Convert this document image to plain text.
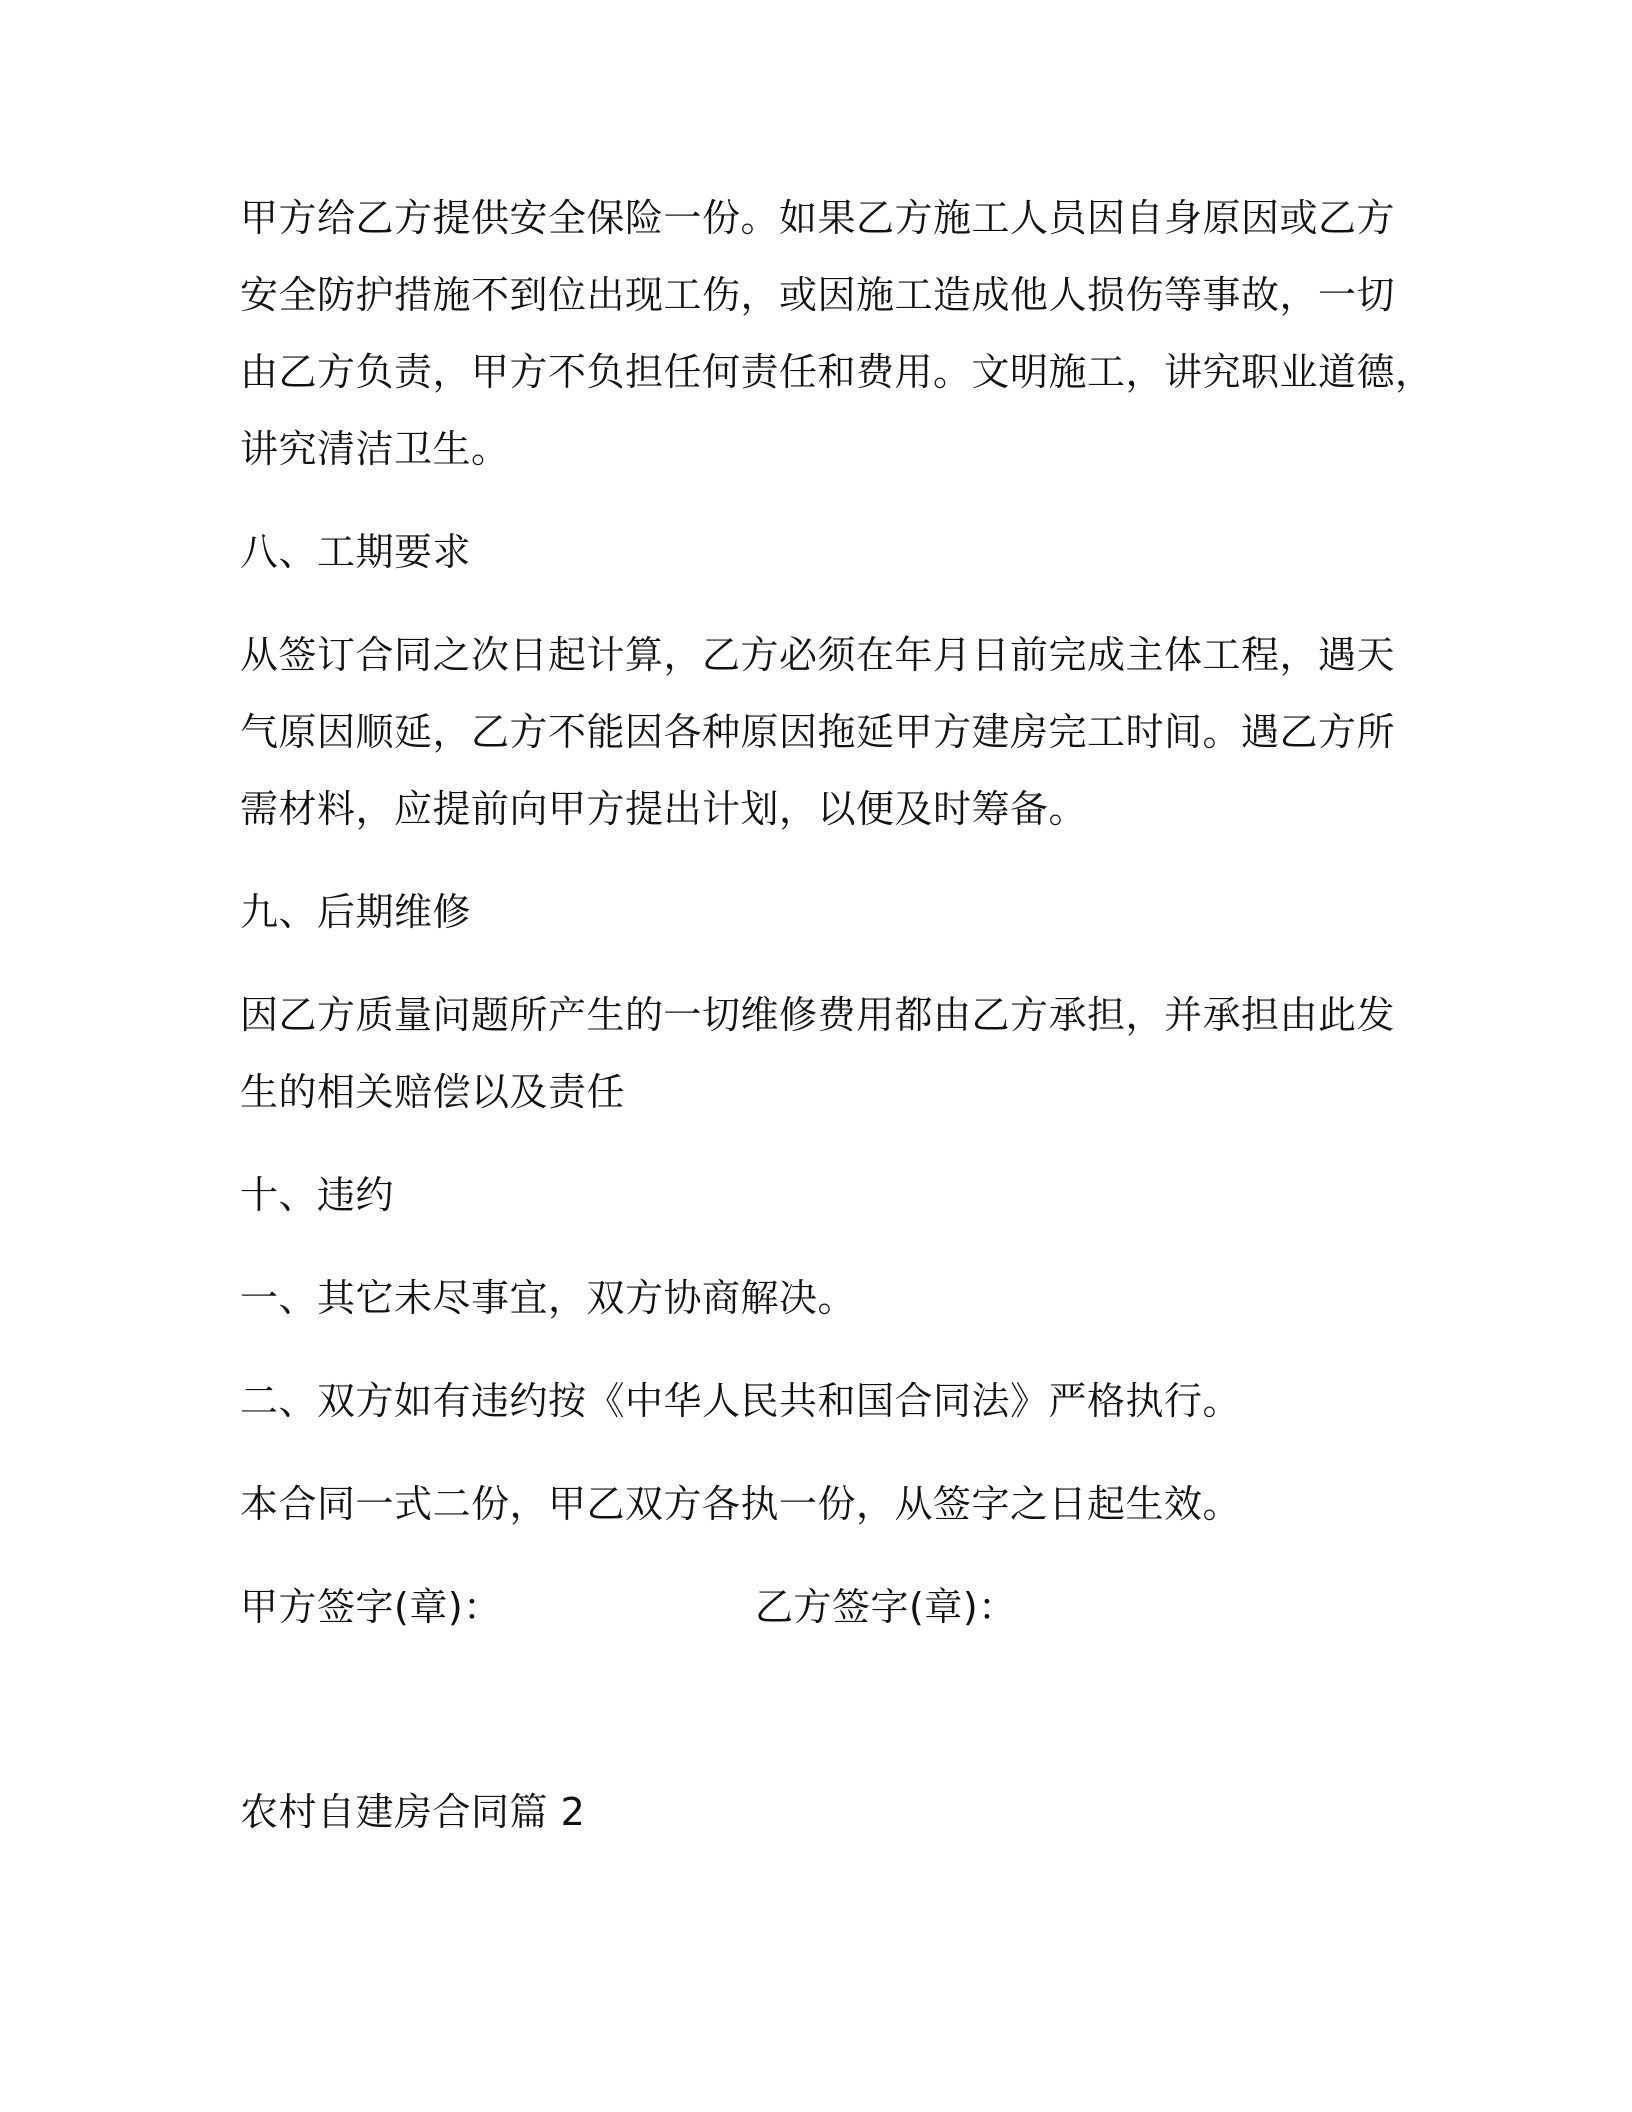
甲方给乙方提供安全保险一份。如果乙方施工人员因自身原因或乙方
安全防护措施不到位出现工伤，或因施工造成他人损伤等事故，一切
由乙方负责，甲方不负担任何责任和费用。文明施工，讲究职业道德，
讲究清洁卫生。
八、工期要求
从签订合同之次日起计算，乙方必须在年月日前完成主体工程，遇天
气原因顺延，乙方不能因各种原因拖延甲方建房完工时间。遇乙方所
需材料，应提前向甲方提出计划，以便及时筹备。
九、后期维修
因乙方质量问题所产生的一切维修费用都由乙方承担，并承担由此发
生的相关赔偿以及责任
十、违约
一、其它未尽事宜，双方协商解决。
二、双方如有违约按《中华人民共和国合同法》严格执行。
本合同一式二份，甲乙双方各执一份，从签字之日起生效。
甲方签字(章)：	乙方签字(章)：
农村自建房合同篇 2
